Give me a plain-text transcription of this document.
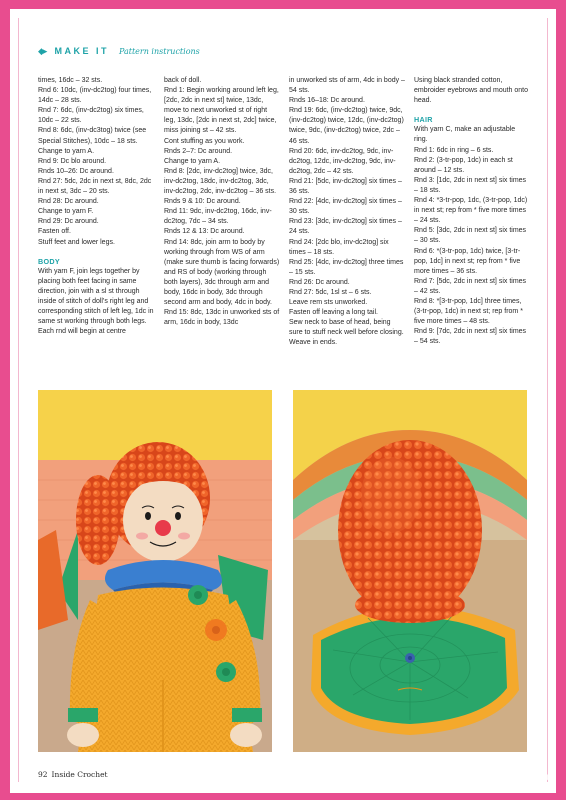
◆▸ MAKE IT Pattern instructions

times, 16dc – 32 sts.
Rnd 6: 10dc, (inv-dc2tog) four times, 14dc – 28 sts.
Rnd 7: 6dc, (inv-dc2tog) six times, 10dc – 22 sts.
Rnd 8: 6dc, (inv-dc3tog) twice (see Special Stitches), 10dc – 18 sts.
Change to yarn A.
Rnd 9: Dc blo around.
Rnds 10–26: Dc around.
Rnd 27: 5dc, 2dc in next st, 8dc, 2dc in next st, 3dc – 20 sts.
Rnd 28: Dc around.
Change to yarn F.
Rnd 29: Dc around.
Fasten off.
Stuff feet and lower legs.

BODY

With yarn F, join legs together by placing both feet facing in same direction, join with a sl st through inside of stitch of doll's right leg and corresponding stitch of left leg, 1dc in same st working through both legs.
Each rnd will begin at centre

back of doll.
Rnd 1: Begin working around left leg, [2dc, 2dc in next st] twice, 13dc, move to next unworked st of right leg, 13dc, [2dc in next st, 2dc] twice, miss joining st – 42 sts.
Cont stuffing as you work.
Rnds 2–7: Dc around.
Change to yarn A.
Rnd 8: [2dc, inv-dc2tog] twice, 3dc, inv-dc2tog, 18dc, inv-dc2tog, 3dc, inv-dc2tog, 2dc, inv-dc2tog – 36 sts.
Rnds 9 & 10: Dc around.
Rnd 11: 9dc, inv-dc2tog, 16dc, inv-dc2tog, 7dc – 34 sts.
Rnds 12 & 13: Dc around.
Rnd 14: 8dc, join arm to body by working through from WS of arm (make sure thumb is facing forwards) and RS of body (working through both layers), 3dc through arm and body, 16dc in body, 3dc through second arm and body, 4dc in body.
Rnd 15: 8dc, 13dc in unworked sts of arm, 16dc in body, 13dc

in unworked sts of arm, 4dc in body – 54 sts.
Rnds 16–18: Dc around.
Rnd 19: 6dc, (inv-dc2tog) twice, 9dc, (inv-dc2tog) twice, 12dc, (inv-dc2tog) twice, 9dc, (inv-dc2tog) twice, 2dc – 46 sts.
Rnd 20: 6dc, inv-dc2tog, 9dc, inv-dc2tog, 12dc, inv-dc2tog, 9dc, inv-dc2tog, 2dc – 42 sts.
Rnd 21: [5dc, inv-dc2tog] six times – 36 sts.
Rnd 22: [4dc, inv-dc2tog] six times – 30 sts.
Rnd 23: [3dc, inv-dc2tog] six times – 24 sts.
Rnd 24: [2dc blo, inv-dc2tog] six times – 18 sts.
Rnd 25: [4dc, inv-dc2tog] three times – 15 sts.
Rnd 26: Dc around.
Rnd 27: 5dc, 1sl st – 6 sts.
Leave rem sts unworked.
Fasten off leaving a long tail.
Sew neck to base of head, being sure to stuff neck well before closing.
Weave in ends.

Using black stranded cotton, embroider eyebrows and mouth onto head.

HAIR

With yarn C, make an adjustable ring.
Rnd 1: 6dc in ring – 6 sts.
Rnd 2: (3-tr-pop, 1dc) in each st around – 12 sts.
Rnd 3: [1dc, 2dc in next st] six times – 18 sts.
Rnd 4: *3-tr-pop, 1dc, (3-tr-pop, 1dc) in next st; rep from * five more times – 24 sts.
Rnd 5: [3dc, 2dc in next st] six times – 30 sts.
Rnd 6: *(3-tr-pop, 1dc) twice, [3-tr-pop, 1dc] in next st; rep from * five more times – 36 sts.
Rnd 7: [5dc, 2dc in next st] six times – 42 sts.
Rnd 8: *[3-tr-pop, 1dc] three times, (3-tr-pop, 1dc) in next st; rep from * five more times – 48 sts.
Rnd 9: [7dc, 2dc in next st] six times – 54 sts.

92 Inside Crochet	PassionForum.ru
